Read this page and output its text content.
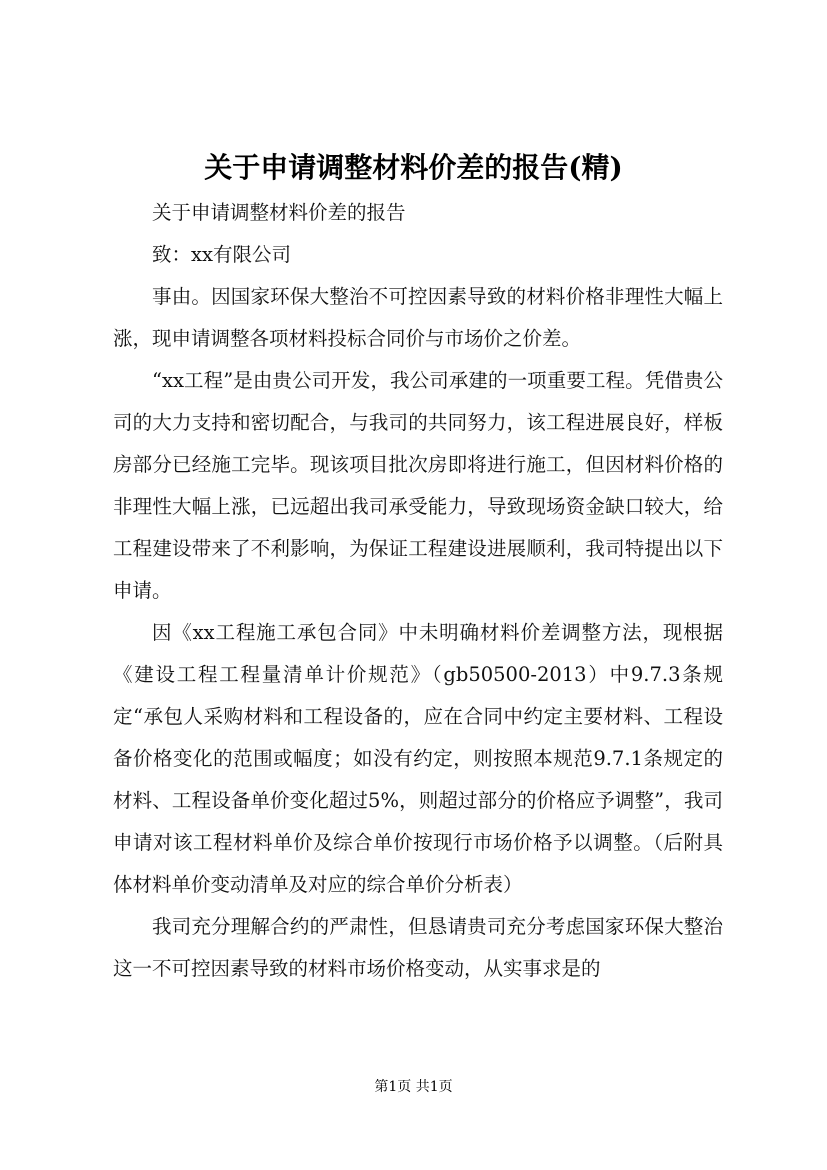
关于申请调整材料价差的报告(精)

关于申请调整材料价差的报告

致：xx有限公司

事由。因国家环保大整治不可控因素导致的材料价格非理性大幅上涨，现申请调整各项材料投标合同价与市场价之价差。

“xx工程”是由贵公司开发，我公司承建的一项重要工程。凭借贵公司的大力支持和密切配合，与我司的共同努力，该工程进展良好，样板房部分已经施工完毕。现该项目批次房即将进行施工，但因材料价格的非理性大幅上涨，已远超出我司承受能力，导致现场资金缺口较大，给工程建设带来了不利影响，为保证工程建设进展顺利，我司特提出以下申请。

因《xx工程施工承包合同》中未明确材料价差调整方法，现根据《建设工程工程量清单计价规范》（gb50500-2013）中9.7.3条规定“承包人采购材料和工程设备的，应在合同中约定主要材料、工程设备价格变化的范围或幅度；如没有约定，则按照本规范9.7.1条规定的材料、工程设备单价变化超过5%，则超过部分的价格应予调整”，我司申请对该工程材料单价及综合单价按现行市场价格予以调整。（后附具体材料单价变动清单及对应的综合单价分析表）

我司充分理解合约的严肃性，但恳请贵司充分考虑国家环保大整治这一不可控因素导致的材料市场价格变动，从实事求是的

第1页 共1页
